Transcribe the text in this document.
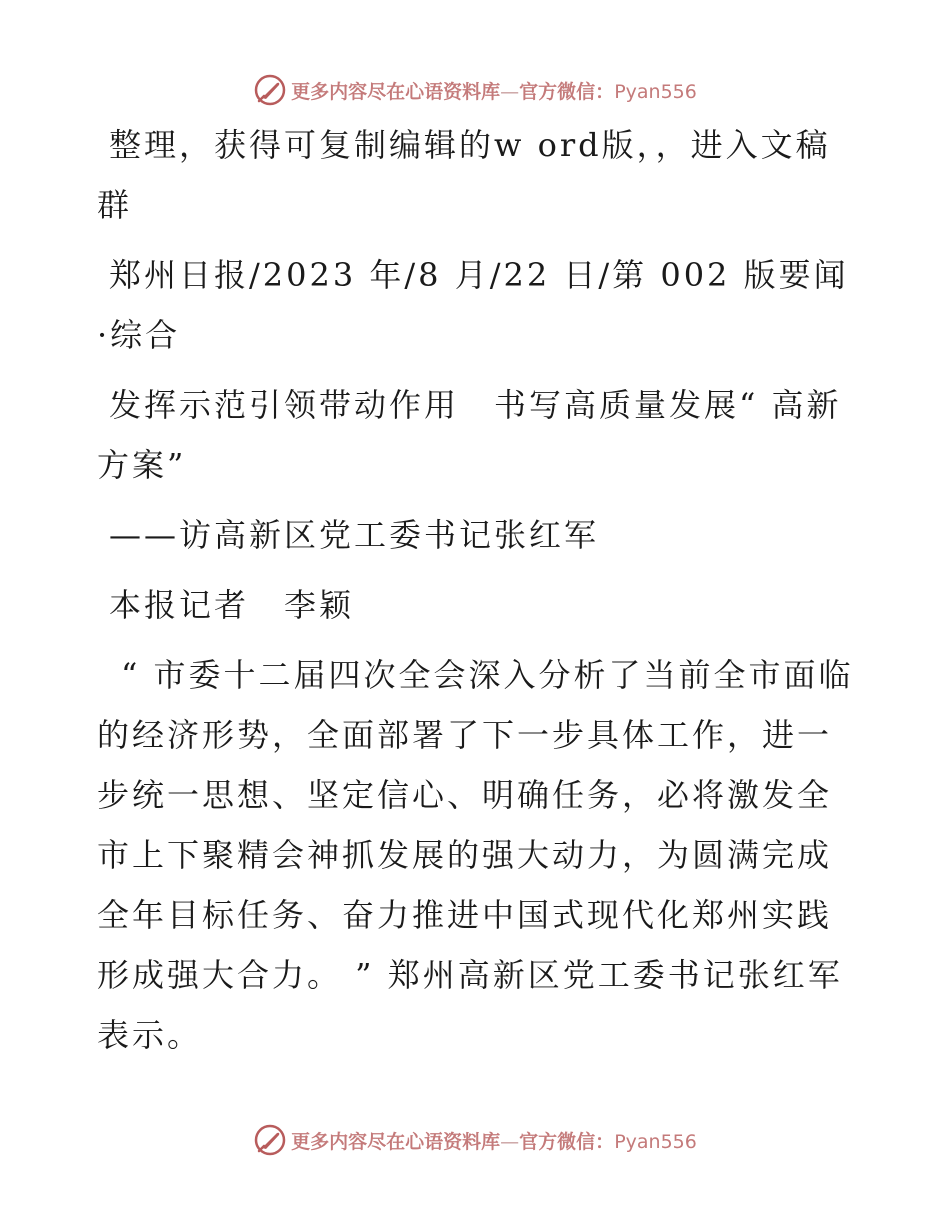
更多内容尽在心语资料库—官方微信：Pyan556

整理，获得可复制编辑的w ord版，，进入文稿群

郑州日报/2023 年/8 月/22 日/第 002 版要闻·综合

发挥示范引领带动作用　书写高质量发展“ 高新方案”

——访高新区党工委书记张红军

本报记者　李颖

“ 市委十二届四次全会深入分析了当前全市面临的经济形势，全面部署了下一步具体工作，进一步统一思想、坚定信心、明确任务，必将激发全市上下聚精会神抓发展的强大动力，为圆满完成全年目标任务、奋力推进中国式现代化郑州实践形成强大合力。 ” 郑州高新区党工委书记张红军表示。

更多内容尽在心语资料库—官方微信：Pyan556
